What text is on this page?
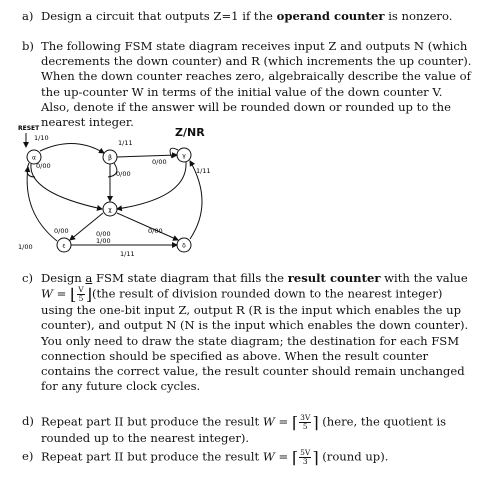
a) Design a circuit that outputs Z=1 if the operand counter is nonzero.
b) The following FSM state diagram receives input Z and outputs N (which decrements the down counter) and R (which increments the up counter). When the down counter reaches zero, algebraically describe the value of the up-counter W in terms of the initial value of the down counter V. Also, denote if the answer will be rounded down or rounded up to the nearest integer.
Z/NR
RESET
1/10
α	β	γ
χ
ε	δ
1/11
0/00
0/00
0/00
1/11
0/00
1/00
0/00
1/00
0/00
1/11
c) Design a FSM state diagram that fills the result counter with the value W = ⌊ $\frac{V}{5}$ ⌋(the result of division rounded down to the nearest integer) using the one-bit input Z, output R (R is the input which enables the up counter), and output N (N is the input which enables the down counter). You only need to draw the state diagram; the destination for each FSM connection should be specified as above. When the result counter contains the correct value, the result counter should remain unchanged for any future clock cycles.
d) Repeat part II but produce the result W = ⌈ $\frac{3V}{5}$ ⌉ (here, the quotient is rounded up to the nearest integer).
e) Repeat part II but produce the result W = ⌈ $\frac{5V}{3}$ ⌉ (round up).
